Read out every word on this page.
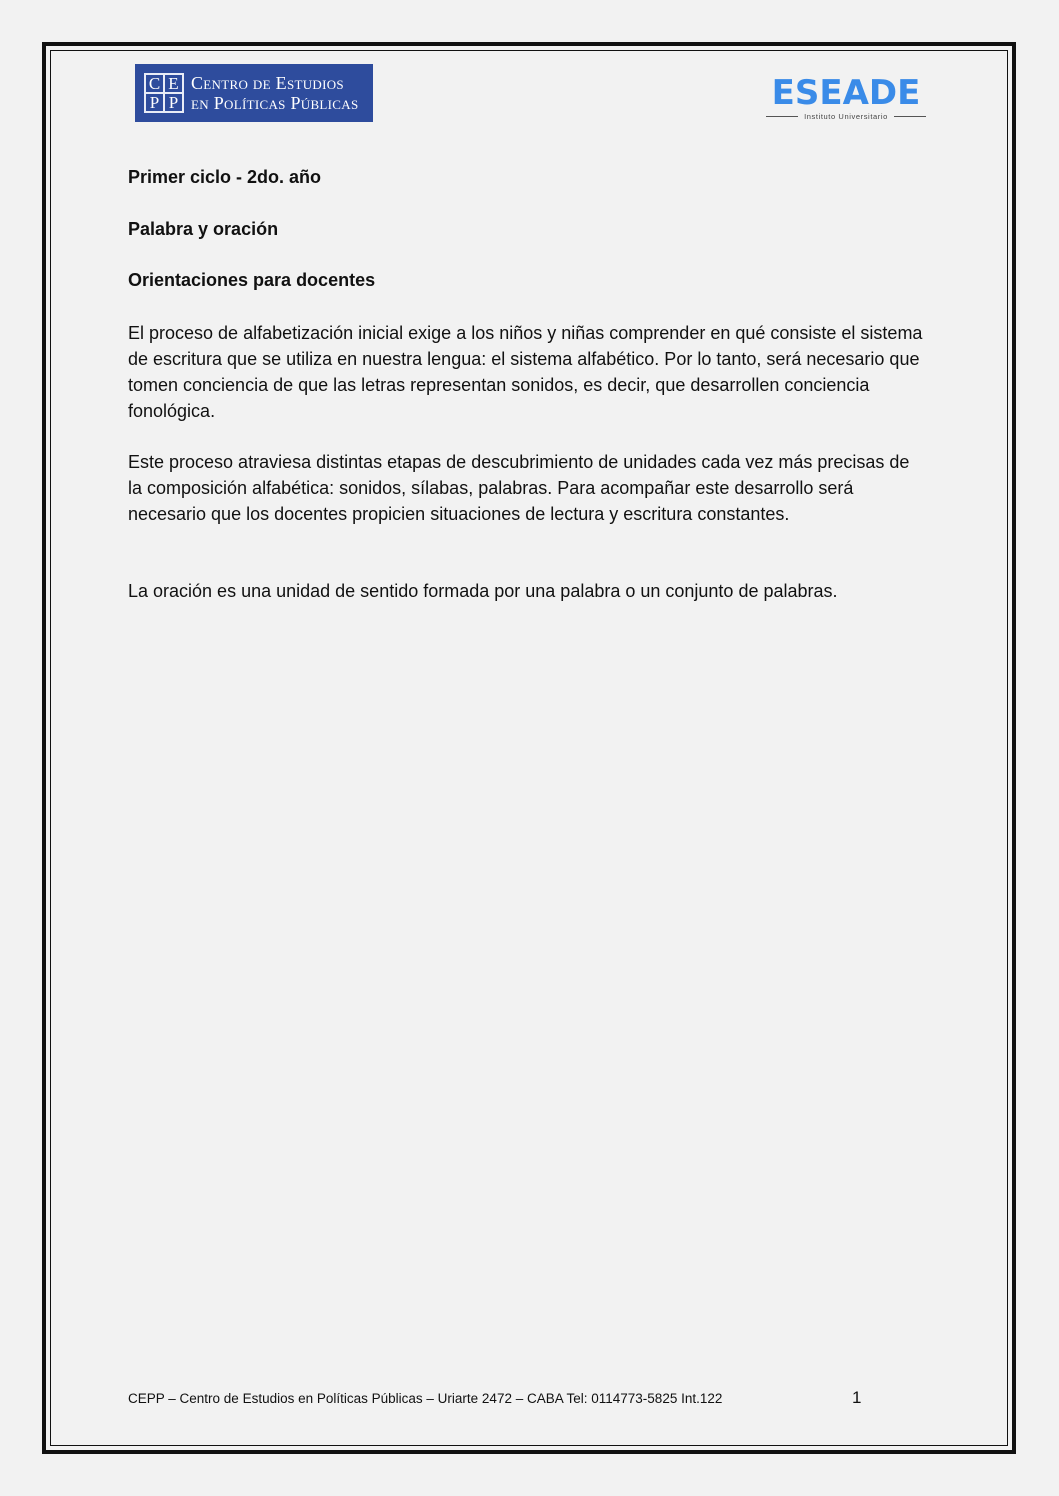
C E
P P
Centro de Estudios
en Políticas Públicas	ESEADE
Instituto Universitario

Primer ciclo - 2do. año

Palabra y oración

Orientaciones para docentes

El proceso de alfabetización inicial exige a los niños y niñas comprender en qué consiste el sistema de escritura que se utiliza en nuestra lengua: el sistema alfabético. Por lo tanto, será necesario que tomen conciencia de que las letras representan sonidos, es decir, que desarrollen conciencia fonológica.

Este proceso atraviesa distintas etapas de descubrimiento de unidades cada vez más precisas de la composición alfabética: sonidos, sílabas, palabras. Para acompañar este desarrollo será necesario que los docentes propicien situaciones de lectura y escritura constantes.

La oración es una unidad de sentido formada por una palabra o un conjunto de palabras.

CEPP – Centro de Estudios en Políticas Públicas – Uriarte 2472 – CABA Tel: 0114773-5825 Int.122	1
